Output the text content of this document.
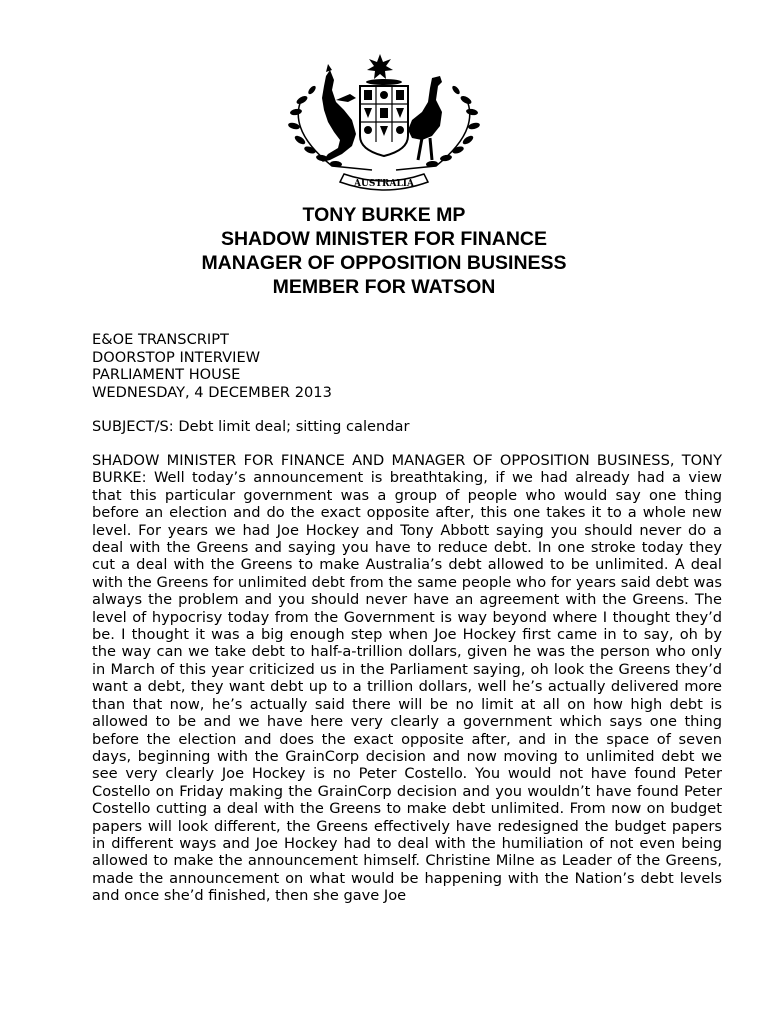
AUSTRALIA
TONY BURKE MP
SHADOW MINISTER FOR FINANCE
MANAGER OF OPPOSITION BUSINESS
MEMBER FOR WATSON
E&OE TRANSCRIPT
DOORSTOP INTERVIEW
PARLIAMENT HOUSE
WEDNESDAY, 4 DECEMBER 2013
SUBJECT/S: Debt limit deal; sitting calendar
SHADOW MINISTER FOR FINANCE AND MANAGER OF OPPOSITION BUSINESS, TONY BURKE: Well today’s announcement is breathtaking, if we had already had a view that this particular government was a group of people who would say one thing before an election and do the exact opposite after, this one takes it to a whole new level. For years we had Joe Hockey and Tony Abbott saying you should never do a deal with the Greens and saying you have to reduce debt. In one stroke today they cut a deal with the Greens to make Australia’s debt allowed to be unlimited. A deal with the Greens for unlimited debt from the same people who for years said debt was always the problem and you should never have an agreement with the Greens. The level of hypocrisy today from the Government is way beyond where I thought they’d be. I thought it was a big enough step when Joe Hockey first came in to say, oh by the way can we take debt to half-a-trillion dollars, given he was the person who only in March of this year criticized us in the Parliament saying, oh look the Greens they’d want a debt, they want debt up to a trillion dollars, well he’s actually delivered more than that now, he’s actually said there will be no limit at all on how high debt is allowed to be and we have here very clearly a government which says one thing before the election and does the exact opposite after, and in the space of seven days, beginning with the GrainCorp decision and now moving to unlimited debt we see very clearly Joe Hockey is no Peter Costello. You would not have found Peter Costello on Friday making the GrainCorp decision and you wouldn’t have found Peter Costello cutting a deal with the Greens to make debt unlimited. From now on budget papers will look different, the Greens effectively have redesigned the budget papers in different ways and Joe Hockey had to deal with the humiliation of not even being allowed to make the announcement himself. Christine Milne as Leader of the Greens, made the announcement on what would be happening with the Nation’s debt levels and once she’d finished, then she gave Joe
